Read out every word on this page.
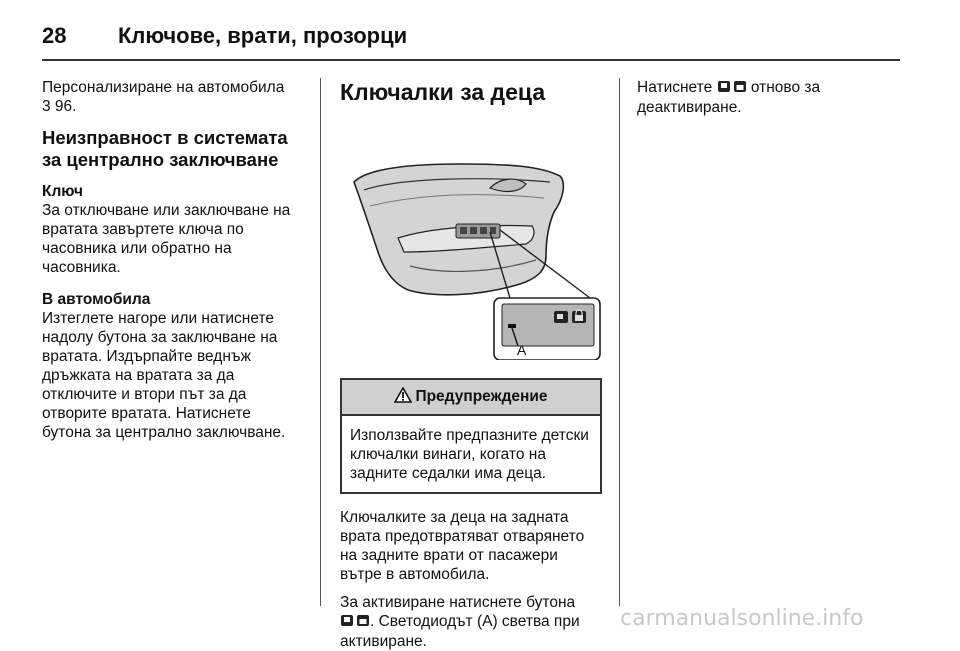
28	Ключове, врати, прозорци

Персонализиране на автомобила

3 96.

Неизправност в системата за централно заключване
Ключ

За отключване или заключване на вратата завъртете ключа по часовника или обратно на часовника.

В автомобила

Изтеглете нагоре или натиснете надолу бутона за заключване на вратата. Издърпайте веднъж дръжката на вратата за да отключите и втори път за да отворите вратата. Натиснете бутона за централно заключване.

Ключалки за деца
A
Предупреждение

Използвайте предпазните детски ключалки винаги, когато на задните седалки има деца.

Ключалките за деца на задната врата предотвратяват отварянето на задните врати от пасажери вътре в автомобила.

За активиране натиснете бутона . Светодиодът (A) светва при активиране.

Натиснете отново за деактивиране.

carmanualsonline.info
